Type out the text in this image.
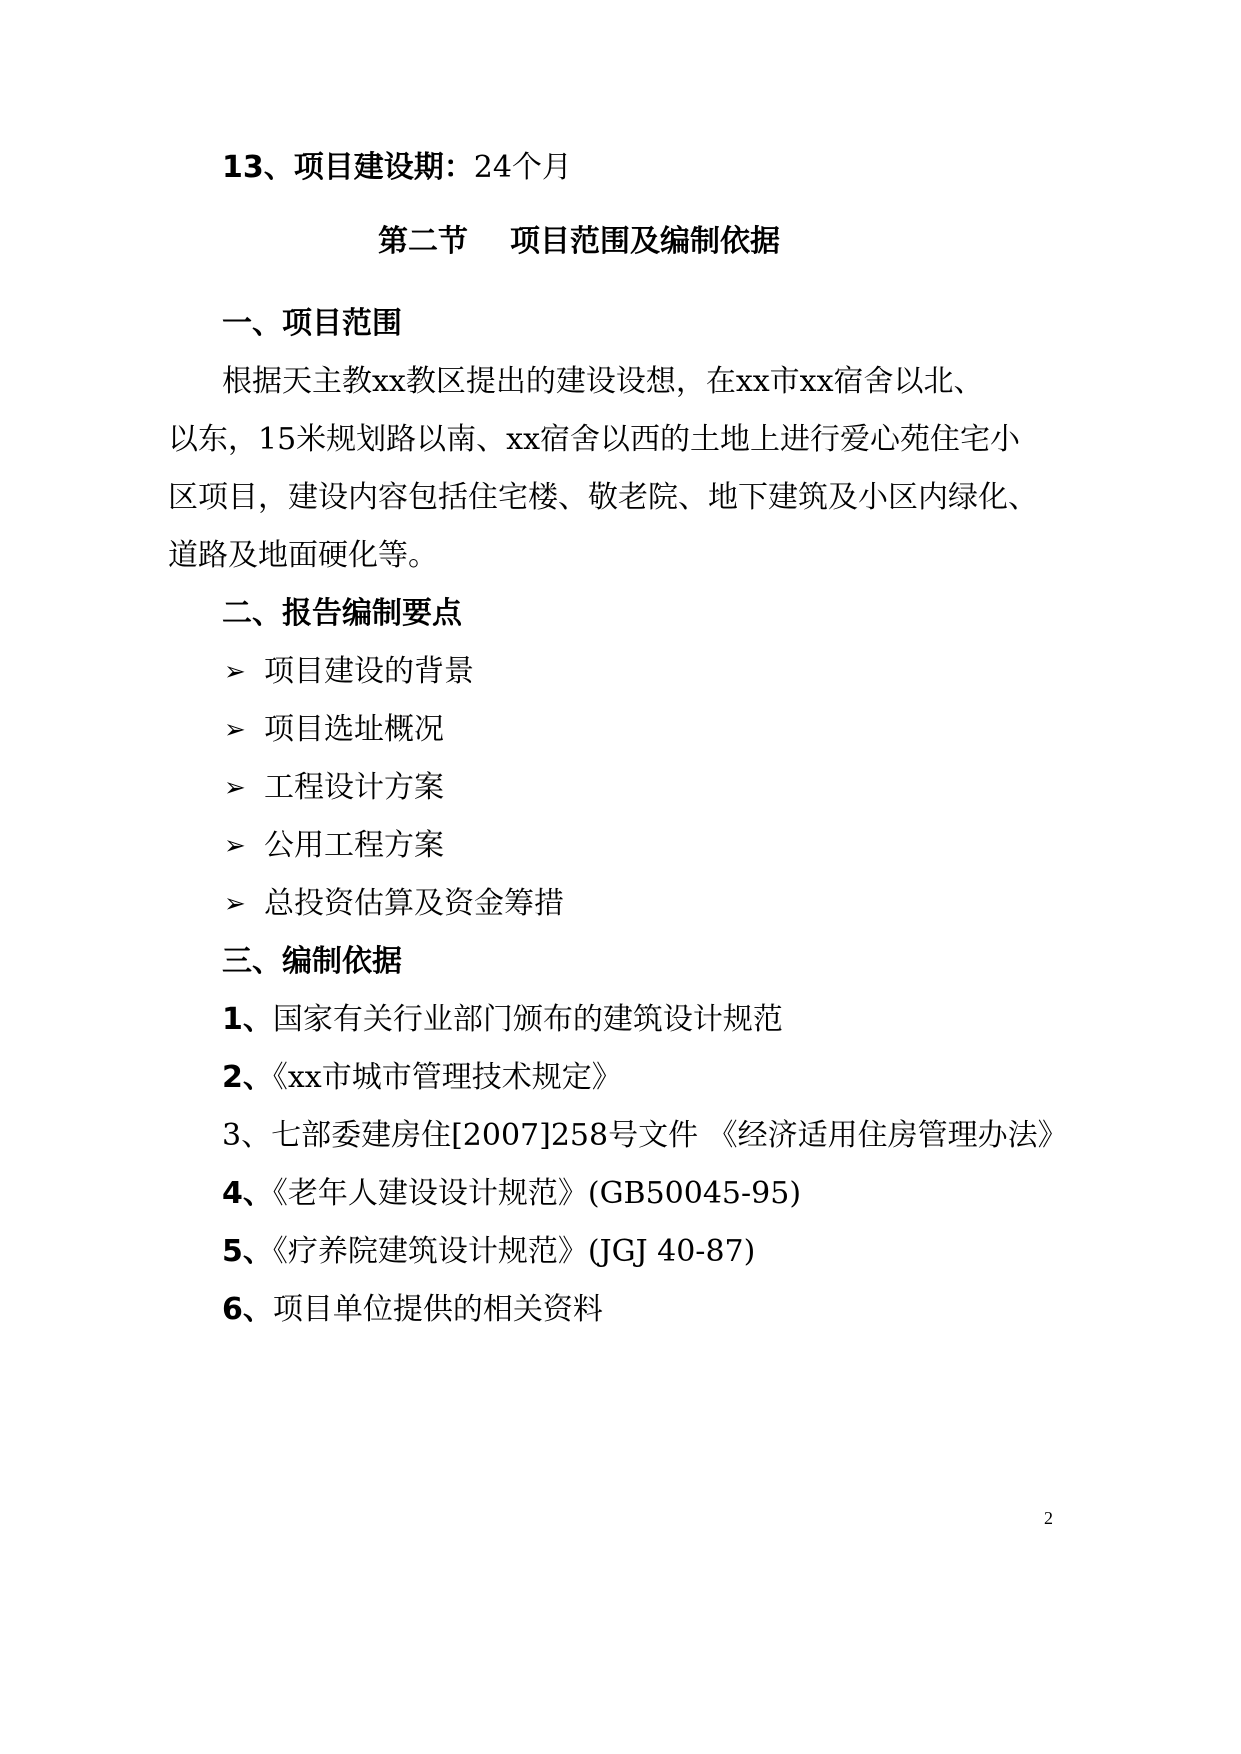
13、项目建设期：24个月
第二节 项目范围及编制依据
一、项目范围
根据天主教xx教区提出的建设设想，在xx市xx宿舍以北、
以东，15米规划路以南、xx宿舍以西的土地上进行爱心苑住宅小
区项目，建设内容包括住宅楼、敬老院、地下建筑及小区内绿化、
道路及地面硬化等。
二、报告编制要点
➢ 项目建设的背景
➢ 项目选址概况
➢ 工程设计方案
➢ 公用工程方案
➢ 总投资估算及资金筹措
三、编制依据
1、国家有关行业部门颁布的建筑设计规范
2、《xx市城市管理技术规定》
3、七部委建房住[2007]258号文件 《经济适用住房管理办法》
4、《老年人建设设计规范》(GB50045-95)
5、《疗养院建筑设计规范》(JGJ 40-87)
6、项目单位提供的相关资料
2
